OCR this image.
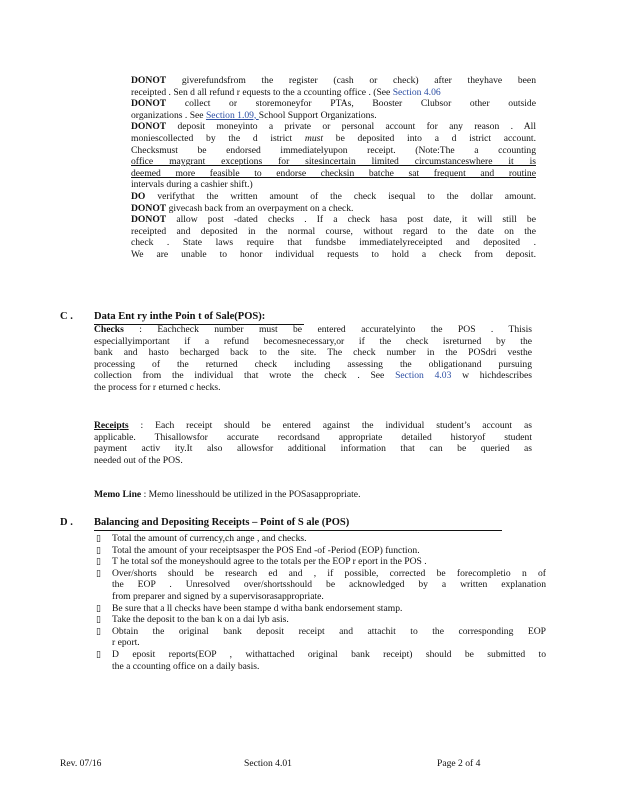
DONOT giverefundsfrom the register (cash or check) after theyhave been
receipted . Sen d all refund r equests to the a ccounting office . (See Section 4.06
DONOT collect or storemoneyfor PTAs, Booster Clubsor other outside
organizations . See Section 1.09, School Support Organizations.
DONOT deposit moneyinto a private or personal account for any reason . All
moniescollected by the d istrict must be deposited into a d istrict account.
Checksmust be endorsed immediatelyupon receipt. (Note:The a ccounting
office maygrant exceptions for sitesincertain limited circumstanceswhere it is
deemed more feasible to endorse checksin batche sat frequent and routine
intervals during a cashier shift.)
DO verifythat the written amount of the check isequal to the dollar amount.
DONOT givecash back from an overpayment on a check.
DONOT allow post -dated checks . If a check hasa post date, it will still be
receipted and deposited in the normal course, without regard to the date on the
check . State laws require that fundsbe immediatelyreceipted and deposited .
We are unable to honor individual requests to hold a check from deposit.
C . Data Ent ry inthe Poin t of Sale(POS):
Checks : Eachcheck number must be entered accuratelyinto the POS . Thisis
especiallyimportant if a refund becomesnecessary,or if the check isreturned by the
bank and hasto becharged back to the site. The check number in the POSdri vesthe
processing of the returned check including assessing the obligationand pursuing
collection from the individual that wrote the check . See Section 4.03 w hichdescribes
the process for r eturned c hecks.
Receipts : Each receipt should be entered against the individual student’s account as
applicable. Thisallowsfor accurate recordsand appropriate detailed historyof student
payment activ ity.It also allowsfor additional information that can be queried as
needed out of the POS.
Memo Line : Memo linesshould be utilized in the POSasappropriate.
D . Balancing and Depositing Receipts – Point of S ale (POS)
▯ Total the amount of currency,ch ange , and checks.
▯ Total the amount of your receiptsasper the POS End -of -Period (EOP) function.
▯ T he total sof the moneyshould agree to the totals per the EOP r eport in the POS .
▯ Over/shorts should be research ed and , if possible, corrected be forecompletio n of
the EOP . Unresolved over/shortsshould be acknowledged by a written explanation
from preparer and signed by a supervisorasappropriate.
▯ Be sure that a ll checks have been stampe d witha bank endorsement stamp.
▯ Take the deposit to the ban k on a dai lyb asis.
▯ Obtain the original bank deposit receipt and attachit to the corresponding EOP
r eport.
▯ D eposit reports(EOP , withattached original bank receipt) should be submitted to
the a ccounting office on a daily basis.
Rev. 07/16	Section 4.01	Page 2 of 4
